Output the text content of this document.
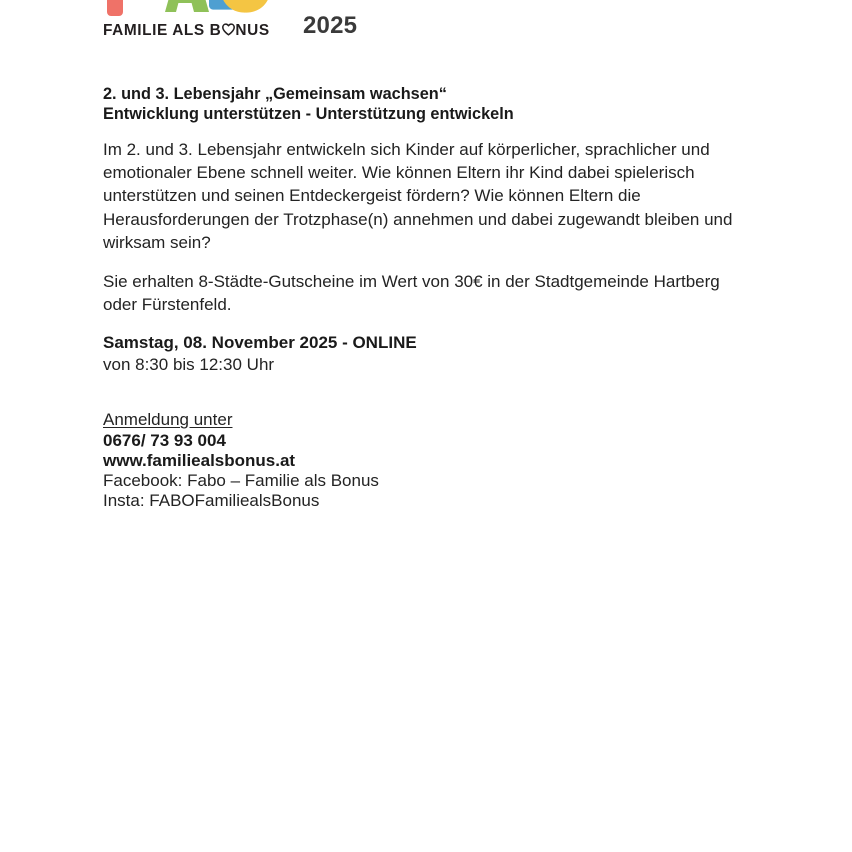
FAMILIE ALS B NUS 2025
2. und 3. Lebensjahr „Gemeinsam wachsen“
Entwicklung unterstützen - Unterstützung entwickeln

Im 2. und 3. Lebensjahr entwickeln sich Kinder auf körperlicher, sprachlicher und emotionaler Ebene schnell weiter. Wie können Eltern ihr Kind dabei spielerisch unterstützen und seinen Entdeckergeist fördern? Wie können Eltern die Herausforderungen der Trotzphase(n) annehmen und dabei zugewandt bleiben und wirksam sein?

Sie erhalten 8-Städte-Gutscheine im Wert von 30€ in der Stadtgemeinde Hartberg oder Fürstenfeld.

Samstag, 08. November 2025 - ONLINE
von 8:30 bis 12:30 Uhr
Anmeldung unter
0676/ 73 93 004
www.familiealsbonus.at
Facebook: Fabo – Familie als Bonus
Insta: FABOFamiliealsBonus
